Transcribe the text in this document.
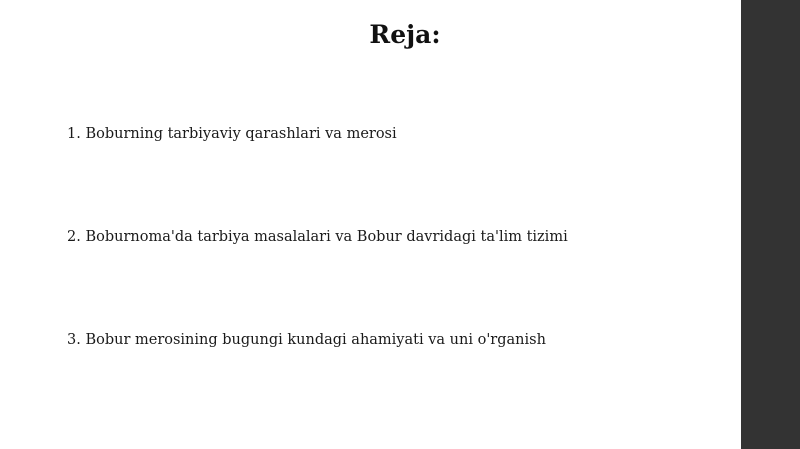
Reja:
1. Boburning tarbiyaviy qarashlari va merosi
2. Boburnoma'da tarbiya masalalari va Bobur davridagi ta'lim tizimi
3. Bobur merosining bugungi kundagi ahamiyati va uni o'rganish
